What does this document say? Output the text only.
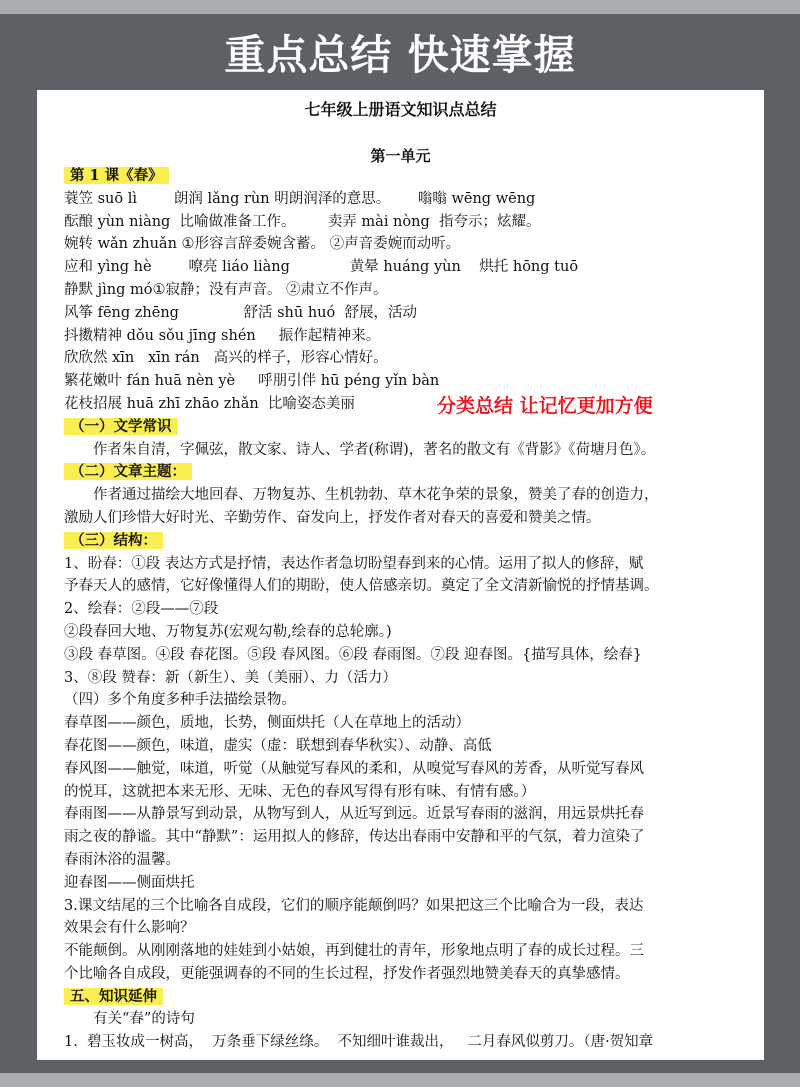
重点总结 快速掌握
七年级上册语文知识点总结
第一单元
第 1 课《春》
蓑笠 suō lì        朗润 lǎng rùn 明朗润泽的意思。      嗡嗡 wēng wēng
酝酿 yùn niàng  比喻做准备工作。       卖弄 mài nòng  指夸示；炫耀。
婉转 wǎn zhuǎn ①形容言辞委婉含蓄。 ②声音委婉而动听。
应和 yìng hè        嘹亮 liáo liàng             黄晕 huáng yùn    烘托 hōng tuō
静默 jìng mó①寂静；没有声音。 ②肃立不作声。
风筝 fēng zhēng              舒活 shū huó  舒展，活动
抖擞精神 dǒu sǒu jīng shén     振作起精神来。
欣欣然 xīn   xīn rán   高兴的样子，形容心情好。
繁花嫩叶 fán huā nèn yè     呼朋引伴 hū péng yǐn bàn
花枝招展 huā zhī zhāo zhǎn  比喻姿态美丽
（一）文学常识
作者朱自清，字佩弦，散文家、诗人、学者(称谓)，著名的散文有《背影》《荷塘月色》。
（二）文章主题：
作者通过描绘大地回春、万物复苏、生机勃勃、草木花争荣的景象，赞美了春的创造力，
激励人们珍惜大好时光、辛勤劳作、奋发向上，抒发作者对春天的喜爱和赞美之情。
（三）结构：
1、盼春：①段 表达方式是抒情，表达作者急切盼望春到来的心情。运用了拟人的修辞，赋
予春天人的感情，它好像懂得人们的期盼，使人倍感亲切。奠定了全文清新愉悦的抒情基调。
2、绘春：②段——⑦段
②段春回大地、万物复苏(宏观勾勒,绘春的总轮廓。)
③段 春草图。④段 春花图。⑤段 春风图。⑥段 春雨图。⑦段 迎春图。{描写具体，绘春}
3、⑧段 赞春：新（新生）、美（美丽）、力（活力）
（四）多个角度多种手法描绘景物。
春草图——颜色，质地，长势，侧面烘托（人在草地上的活动）
春花图——颜色，味道，虚实（虚：联想到春华秋实）、动静、高低
春风图——触觉，味道，听觉（从触觉写春风的柔和，从嗅觉写春风的芳香，从听觉写春风
的悦耳，这就把本来无形、无味、无色的春风写得有形有味、有情有感。）
春雨图——从静景写到动景，从物写到人，从近写到远。近景写春雨的滋润，用远景烘托春
雨之夜的静谧。其中“静默”：运用拟人的修辞，传达出春雨中安静和平的气氛，着力渲染了
春雨沐浴的温馨。
迎春图——侧面烘托
3.课文结尾的三个比喻各自成段，它们的顺序能颠倒吗？如果把这三个比喻合为一段，表达
效果会有什么影响？
不能颠倒。从刚刚落地的娃娃到小姑娘，再到健壮的青年，形象地点明了春的成长过程。三
个比喻各自成段，更能强调春的不同的生长过程，抒发作者强烈地赞美春天的真挚感情。
五、知识延伸
有关“春”的诗句
1.  碧玉妆成一树高，  万条垂下绿丝绦。  不知细叶谁裁出，   二月春风似剪刀。（唐·贺知章
分类总结 让记忆更加方便
